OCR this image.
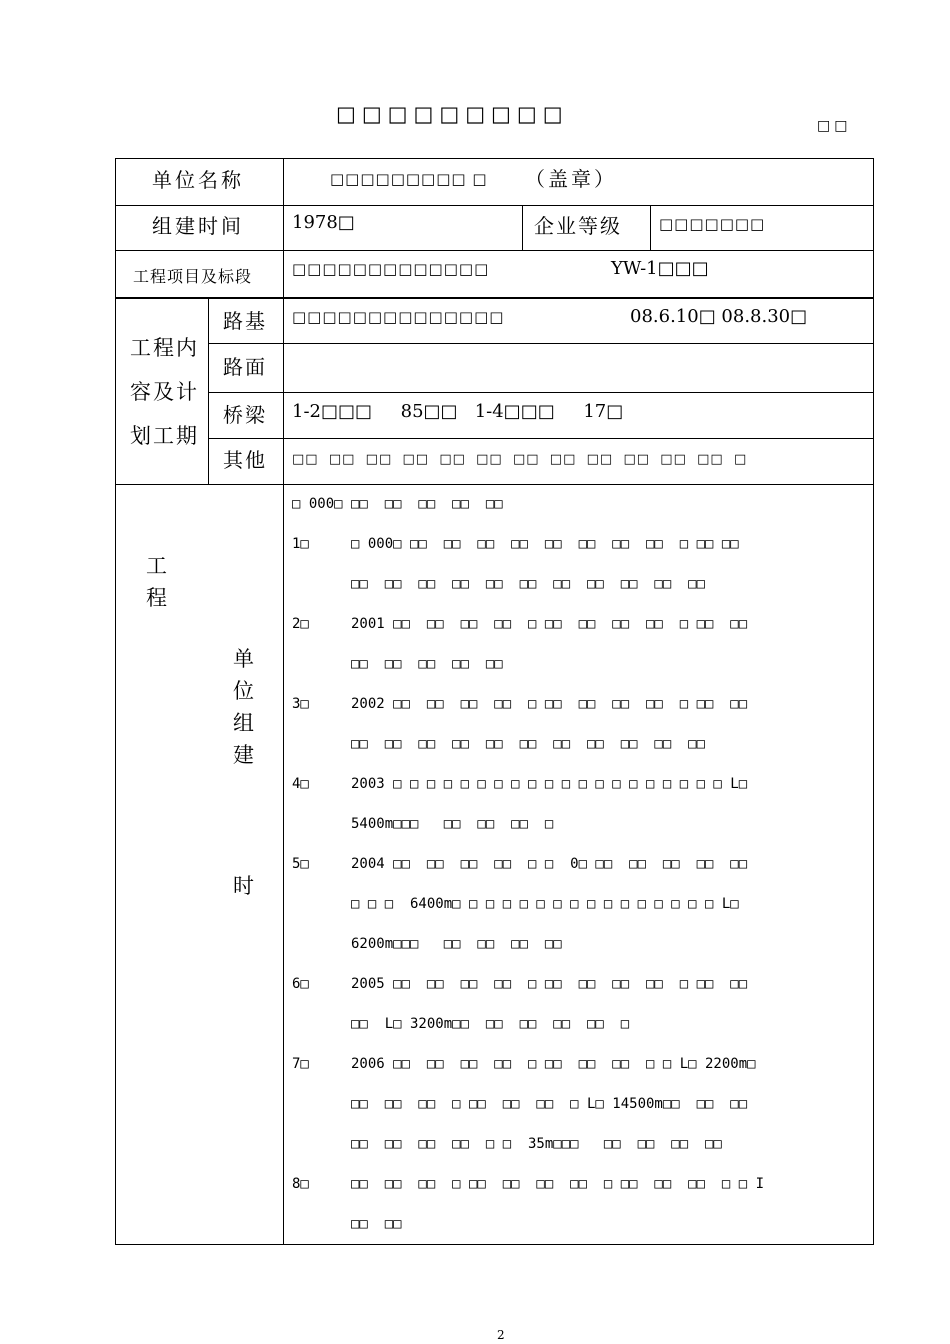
□□□□□□□□□	□□
单位名称	□□□□□□□□□ □ （盖章）
组建时间	1978□	企业等级 □□□□□□□
工程项目及标段	□□□□□□□□□□□□□	YW-1□□□
工程内
容及计
划工期
路基 □□□□□□□□□□□□□□	08.6.10□ 08.8.30□
路面
桥梁 1-2□□□     85□□   1-4□□□     17□
其他 □□  □□  □□  □□  □□  □□  □□  □□  □□  □□  □□  □□  □
工
程
单
位
组
建
时
□ 000□ □□  □□  □□  □□  □□
1□     □ 000□ □□  □□  □□  □□  □□  □□  □□  □□  □ □□ □□
□□  □□  □□  □□  □□  □□  □□  □□  □□  □□  □□
2□     2001 □□  □□  □□  □□  □ □□  □□  □□  □□  □ □□  □□
□□  □□  □□  □□  □□
3□     2002 □□  □□  □□  □□  □ □□  □□  □□  □□  □ □□  □□
□□  □□  □□  □□  □□  □□  □□  □□  □□  □□  □□
4□     2003 □ □ □ □ □ □ □ □ □ □ □ □ □ □ □ □ □ □ □ □ L□
5400m□□□   □□  □□  □□  □
5□     2004 □□  □□  □□  □□  □ □  0□ □□  □□  □□  □□  □□
□ □ □  6400m□ □ □ □ □ □ □ □ □ □ □ □ □ □ □ □ L□
6200m□□□   □□  □□  □□  □□
6□     2005 □□  □□  □□  □□  □ □□  □□  □□  □□  □ □□  □□
□□  L□ 3200m□□  □□  □□  □□  □□  □
7□     2006 □□  □□  □□  □□  □ □□  □□  □□  □ □ L□ 2200m□
□□  □□  □□  □ □□  □□  □□  □ L□ 14500m□□  □□  □□
□□  □□  □□  □□  □ □  35m□□□   □□  □□  □□  □□
8□     □□  □□  □□  □ □□  □□  □□  □□  □ □□  □□  □□  □ □ I
□□  □□
2
